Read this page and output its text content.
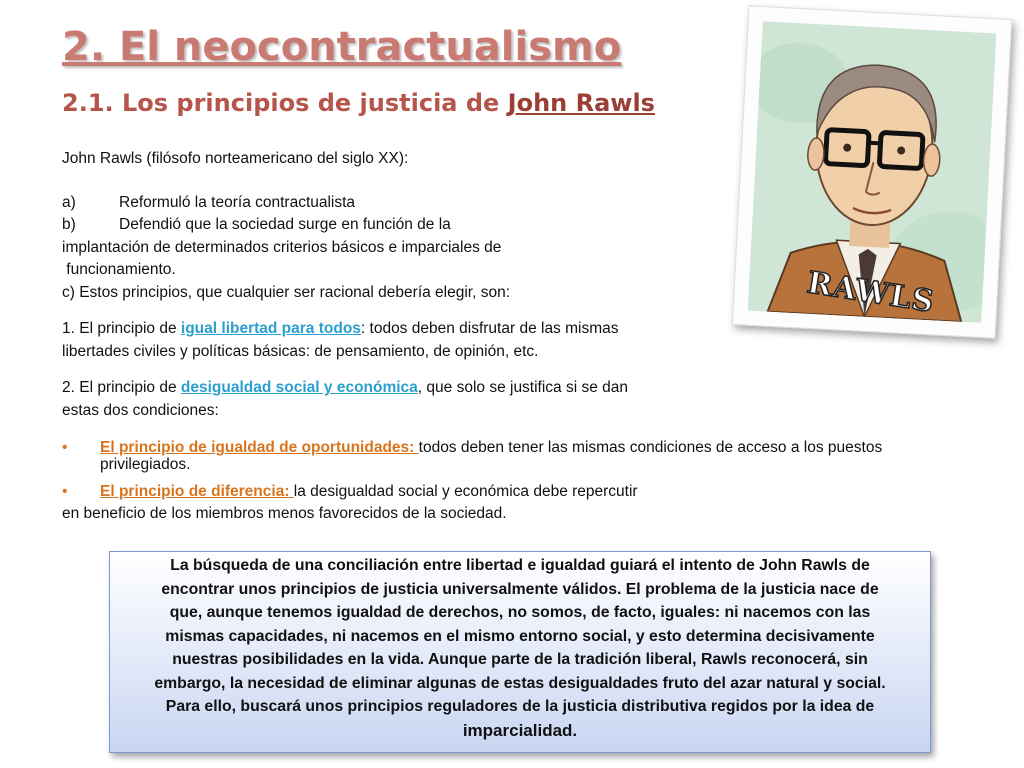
2. El neocontractualismo
2.1. Los principios de justicia de John Rawls
John Rawls (filósofo norteamericano del siglo XX):
a)	Reformuló la teoría contractualista
b)	Defendió que la sociedad surge en función de la
implantación de determinados criterios básicos e imparciales de
funcionamiento.
c) Estos principios, que cualquier ser racional debería elegir, son:
1. El principio de igual libertad para todos: todos deben disfrutar de las mismas
libertades civiles y políticas básicas: de pensamiento, de opinión, etc.
2. El principio de desigualdad social y económica, que solo se justifica si se dan
estas dos condiciones:
• El principio de igualdad de oportunidades: todos deben tener las mismas condiciones de acceso a los puestos
privilegiados.
• El principio de diferencia: la desigualdad social y económica debe repercutir
en beneficio de los miembros menos favorecidos de la sociedad.
RAWLS
La búsqueda de una conciliación entre libertad e igualdad guiará el intento de John Rawls de
encontrar unos principios de justicia universalmente válidos. El problema de la justicia nace de
que, aunque tenemos igualdad de derechos, no somos, de facto, iguales: ni nacemos con las
mismas capacidades, ni nacemos en el mismo entorno social, y esto determina decisivamente
nuestras posibilidades en la vida. Aunque parte de la tradición liberal, Rawls reconocerá, sin
embargo, la necesidad de eliminar algunas de estas desigualdades fruto del azar natural y social.
Para ello, buscará unos principios reguladores de la justicia distributiva regidos por la idea de
imparcialidad.
